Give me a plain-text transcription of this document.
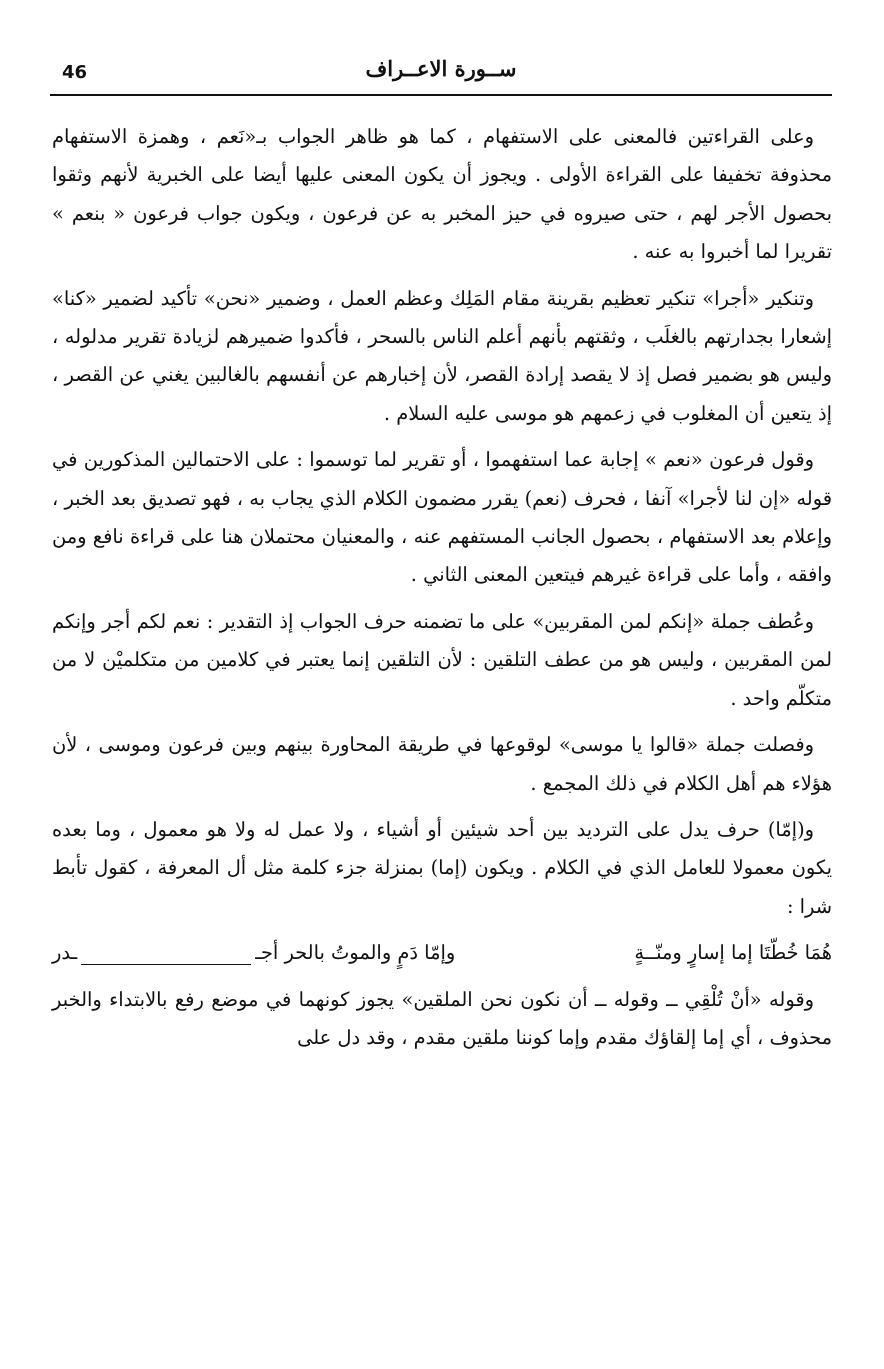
46	ســورة الاعــراف

وعلى القراءتين فالمعنى على الاستفهام ، كما هو ظاهر الجواب بـ«نَعم ، وهمزة الاستفهام محذوفة تخفيفا على القراءة الأولى . ويجوز أن يكون المعنى عليها أيضا على الخبرية لأنهم وثقوا بحصول الأجر لهم ، حتى صيروه في حيز المخبر به عن فرعون ، ويكون جواب فرعون « بنعم » تقريرا لما أخبروا به عنه .

وتنكير «أجرا» تنكير تعظيم بقرينة مقام المَلِك وعظم العمل ، وضمير «نحن» تأكيد لضمير «كنا» إشعارا بجدارتهم بالغلَب ، وثقتهم بأنهم أعلم الناس بالسحر ، فأكدوا ضميرهم لزيادة تقرير مدلوله ، وليس هو بضمير فصل إذ لا يقصد إرادة القصر، لأن إخبارهم عن أنفسهم بالغالبين يغني عن القصر ، إذ يتعين أن المغلوب في زعمهم هو موسى عليه السلام .

وقول فرعون «نعم » إجابة عما استفهموا ، أو تقرير لما توسموا : على الاحتمالين المذكورين في قوله «إن لنا لأجرا» آنفا ، فحرف (نعم) يقرر مضمون الكلام الذي يجاب به ، فهو تصديق بعد الخبر ، وإعلام بعد الاستفهام ، بحصول الجانب المستفهم عنه ، والمعنيان محتملان هنا على قراءة نافع ومن وافقه ، وأما على قراءة غيرهم فيتعين المعنى الثاني .

وعُطف جملة «إنكم لمن المقربين» على ما تضمنه حرف الجواب إذ التقدير : نعم لكم أجر وإنكم لمن المقربين ، وليس هو من عطف التلقين : لأن التلقين إنما يعتبر في كلامين من متكلميْن لا من متكلّم واحد .

وفصلت جملة «قالوا يا موسى» لوقوعها في طريقة المحاورة بينهم وبين فرعون وموسى ، لأن هؤلاء هم أهل الكلام في ذلك المجمع .

و(إمّا) حرف يدل على الترديد بين أحد شيئين أو أشياء ، ولا عمل له ولا هو معمول ، وما بعده يكون معمولا للعامل الذي في الكلام . ويكون (إما) بمنزلة جزء كلمة مثل أل المعرفة ، كقول تأبط شرا :

هُمَا خُطّتَا إما إسارٍ ومنّــةٍ
وإمّا دَمٍ والموتُ بالحر أجـ
ـدر

وقوله «أنْ تُلْقِي ــ وقوله ــ أن نكون نحن الملقين» يجوز كونهما في موضع رفع بالابتداء والخبر محذوف ، أي إما إلقاؤك مقدم وإما كوننا ملقين مقدم ، وقد دل على
